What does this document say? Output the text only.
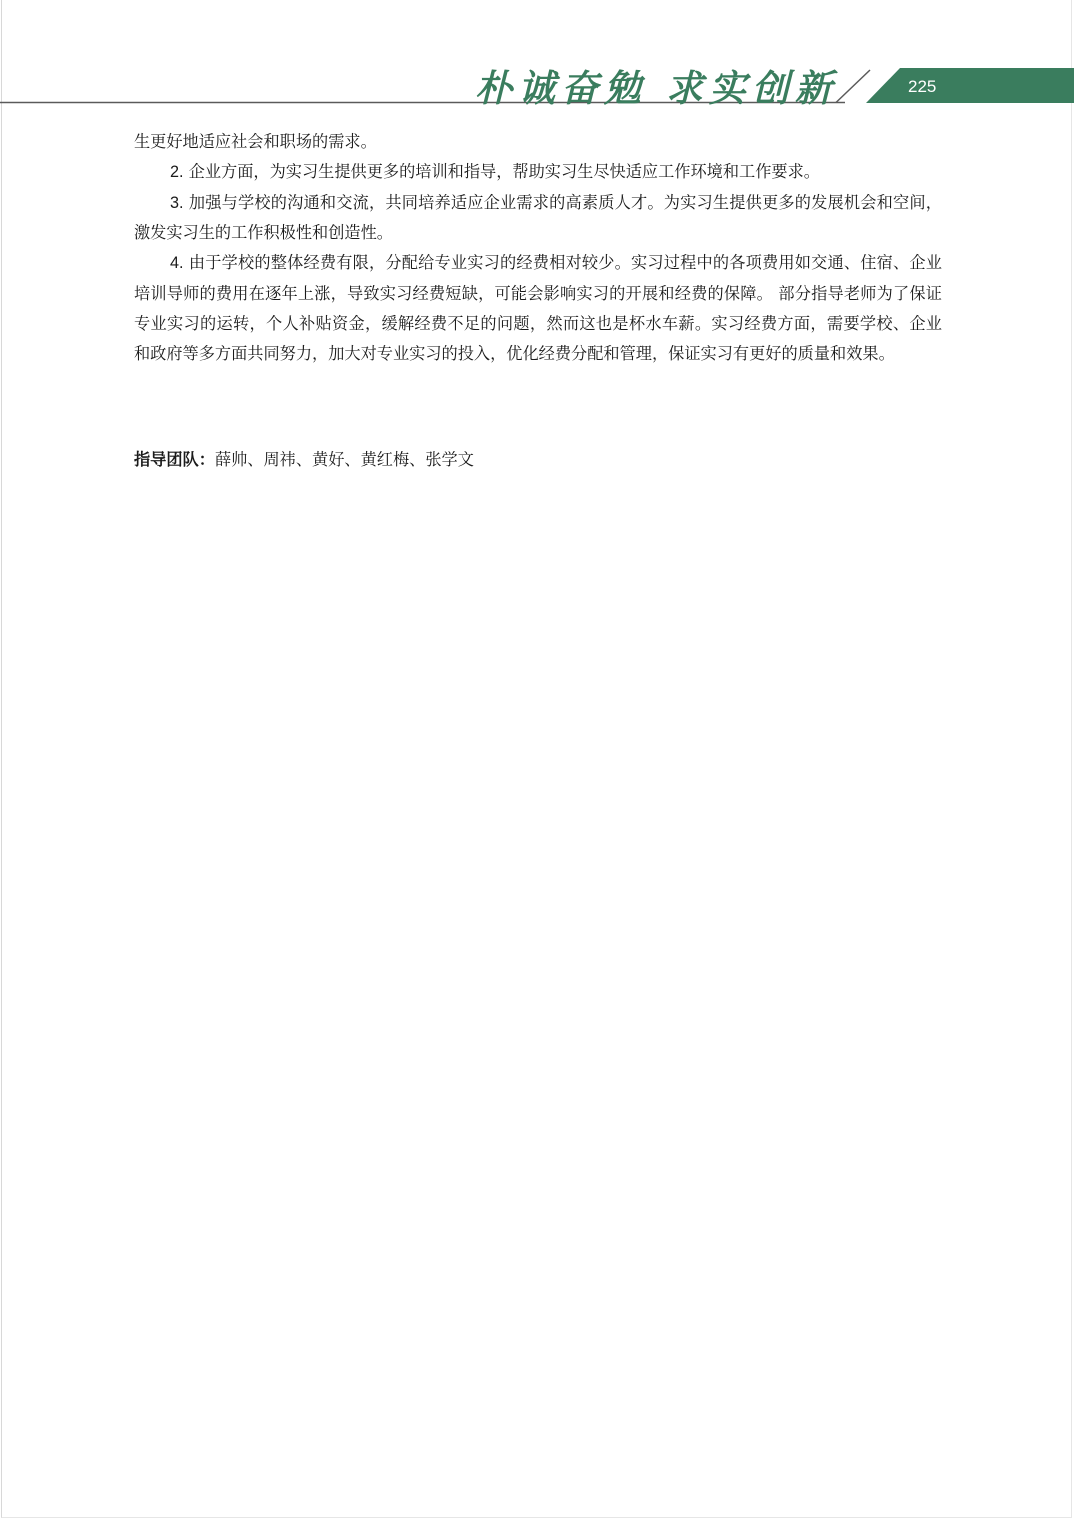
朴诚奋勉 求实创新	225

生更好地适应社会和职场的需求。

2. 企业方面，为实习生提供更多的培训和指导，帮助实习生尽快适应工作环境和工作要求。

3. 加强与学校的沟通和交流，共同培养适应企业需求的高素质人才。为实习生提供更多的发展机会和空间，激发实习生的工作积极性和创造性。

4. 由于学校的整体经费有限，分配给专业实习的经费相对较少。实习过程中的各项费用如交通、住宿、企业培训导师的费用在逐年上涨，导致实习经费短缺，可能会影响实习的开展和经费的保障。 部分指导老师为了保证专业实习的运转，个人补贴资金，缓解经费不足的问题，然而这也是杯水车薪。实习经费方面，需要学校、企业和政府等多方面共同努力，加大对专业实习的投入，优化经费分配和管理，保证实习有更好的质量和效果。

指导团队：薛帅、周祎、黄好、黄红梅、张学文
